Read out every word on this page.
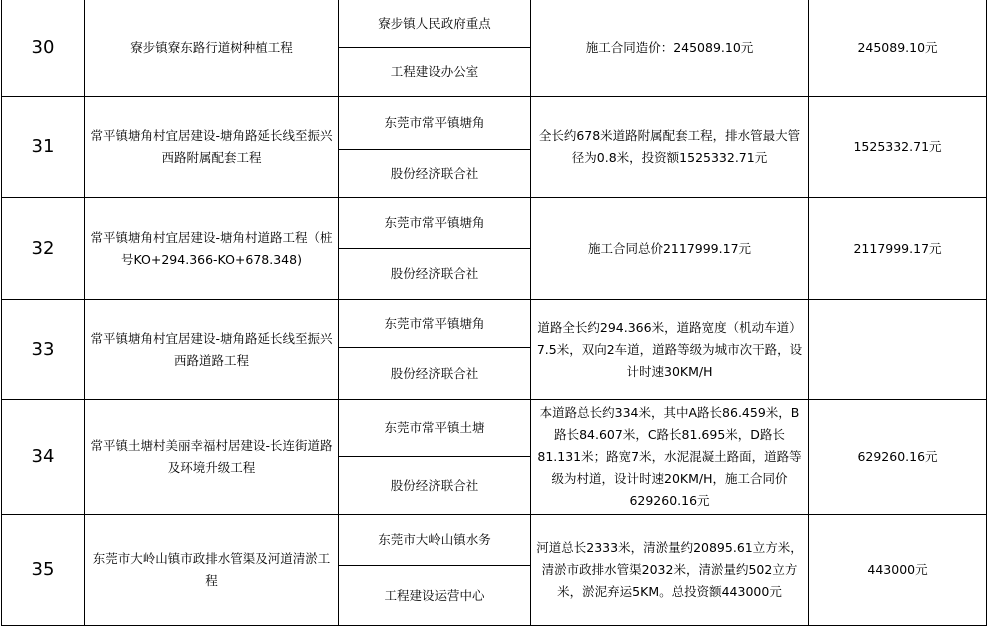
30	寮步镇寮东路行道树种植工程	寮步镇人民政府重点	施工合同造价：245089.10元	245089.10元
		工程建设办公室		
31	常平镇塘角村宜居建设-塘角路延长线至振兴西路附属配套工程	东莞市常平镇塘角	全长约678米道路附属配套工程，排水管最大管径为0.8米，投资额1525332.71元	1525332.71元
		股份经济联合社		
32	常平镇塘角村宜居建设-塘角村道路工程（桩号KO+294.366-KO+678.348)	东莞市常平镇塘角	施工合同总价2117999.17元	2117999.17元
		股份经济联合社		
33	常平镇塘角村宜居建设-塘角路延长线至振兴西路道路工程	东莞市常平镇塘角	道路全长约294.366米，道路宽度（机动车道）7.5米，双向2车道，道路等级为城市次干路，设计时速30KM/H	
		股份经济联合社		
34	常平镇土塘村美丽幸福村居建设-长连街道路及环境升级工程	东莞市常平镇土塘	本道路总长约334米，其中A路长86.459米，B路长84.607米，C路长81.695米，D路长81.131米；路宽7米，水泥混凝土路面，道路等级为村道，设计时速20KM/H，施工合同价629260.16元	629260.16元
		股份经济联合社		
35	东莞市大岭山镇市政排水管渠及河道清淤工程	东莞市大岭山镇水务	河道总长2333米，清淤量约20895.61立方米，清淤市政排水管渠2032米，清淤量约502立方米，淤泥弃运5KM。总投资额443000元	443000元
		工程建设运营中心		
